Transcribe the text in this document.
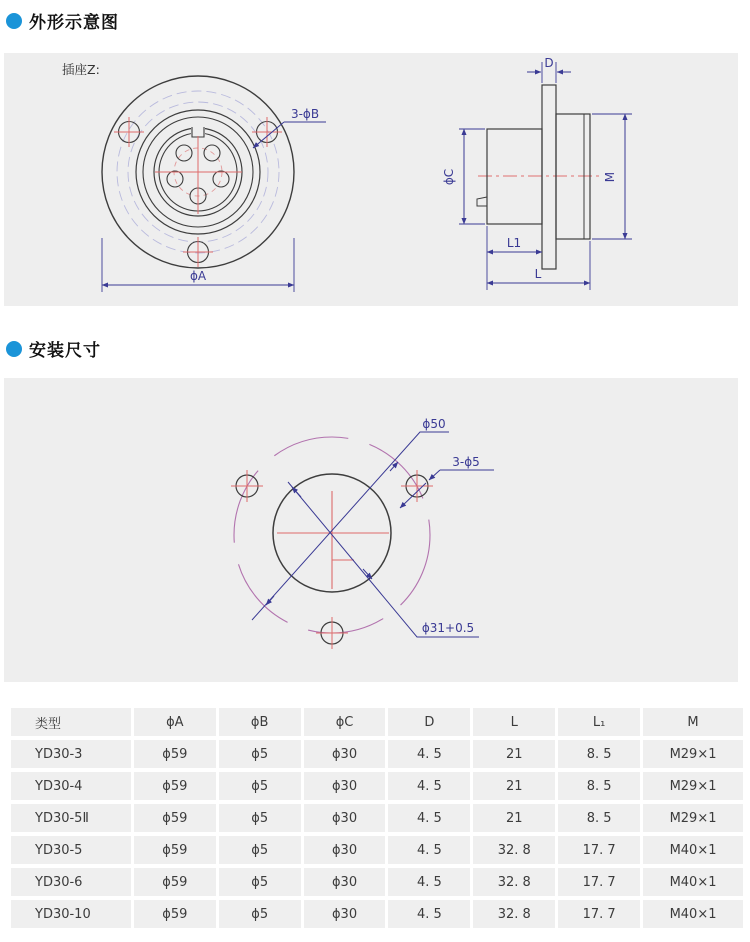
外形示意图
安装尺寸
插座Z:
3-ϕB
ϕA
D
ϕC	M
L1
L
ϕ50
ϕ31+0.5
3-ϕ5
类型	ϕA	ϕB	ϕC	D	L	L₁	M
YD30-3	ϕ59	ϕ5	ϕ30	4. 5	21	8. 5	M29×1
YD30-4	ϕ59	ϕ5	ϕ30	4. 5	21	8. 5	M29×1
YD30-5Ⅱ	ϕ59	ϕ5	ϕ30	4. 5	21	8. 5	M29×1
YD30-5	ϕ59	ϕ5	ϕ30	4. 5	32. 8	17. 7	M40×1
YD30-6	ϕ59	ϕ5	ϕ30	4. 5	32. 8	17. 7	M40×1
YD30-10	ϕ59	ϕ5	ϕ30	4. 5	32. 8	17. 7	M40×1
